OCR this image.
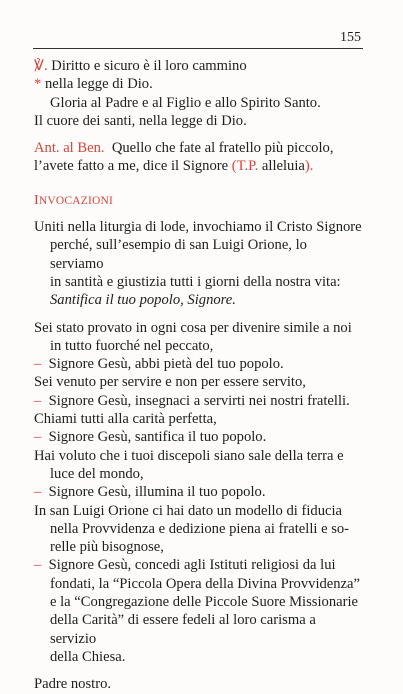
155
℣. Diritto e sicuro è il loro cammino
* nella legge di Dio.
Gloria al Padre e al Figlio e allo Spirito Santo.
Il cuore dei santi, nella legge di Dio.
Ant. al Ben. Quello che fate al fratello più piccolo,
l’avete fatto a me, dice il Signore (T.P. alleluia).
INVOCAZIONI
Uniti nella liturgia di lode, invochiamo il Cristo Signore
perché, sull’esempio di san Luigi Orione, lo serviamo
in santità e giustizia tutti i giorni della nostra vita:
Santifica il tuo popolo, Signore.
Sei stato provato in ogni cosa per divenire simile a noi
in tutto fuorché nel peccato,
– Signore Gesù, abbi pietà del tuo popolo.
Sei venuto per servire e non per essere servito,
– Signore Gesù, insegnaci a servirti nei nostri fratelli.
Chiami tutti alla carità perfetta,
– Signore Gesù, santifica il tuo popolo.
Hai voluto che i tuoi discepoli siano sale della terra e
luce del mondo,
– Signore Gesù, illumina il tuo popolo.
In san Luigi Orione ci hai dato un modello di fiducia
nella Provvidenza e dedizione piena ai fratelli e so-
relle più bisognose,
– Signore Gesù, concedi agli Istituti religiosi da lui
fondati, la “Piccola Opera della Divina Provvidenza”
e la “Congregazione delle Piccole Suore Missionarie
della Carità” di essere fedeli al loro carisma a servizio
della Chiesa.
Padre nostro.
